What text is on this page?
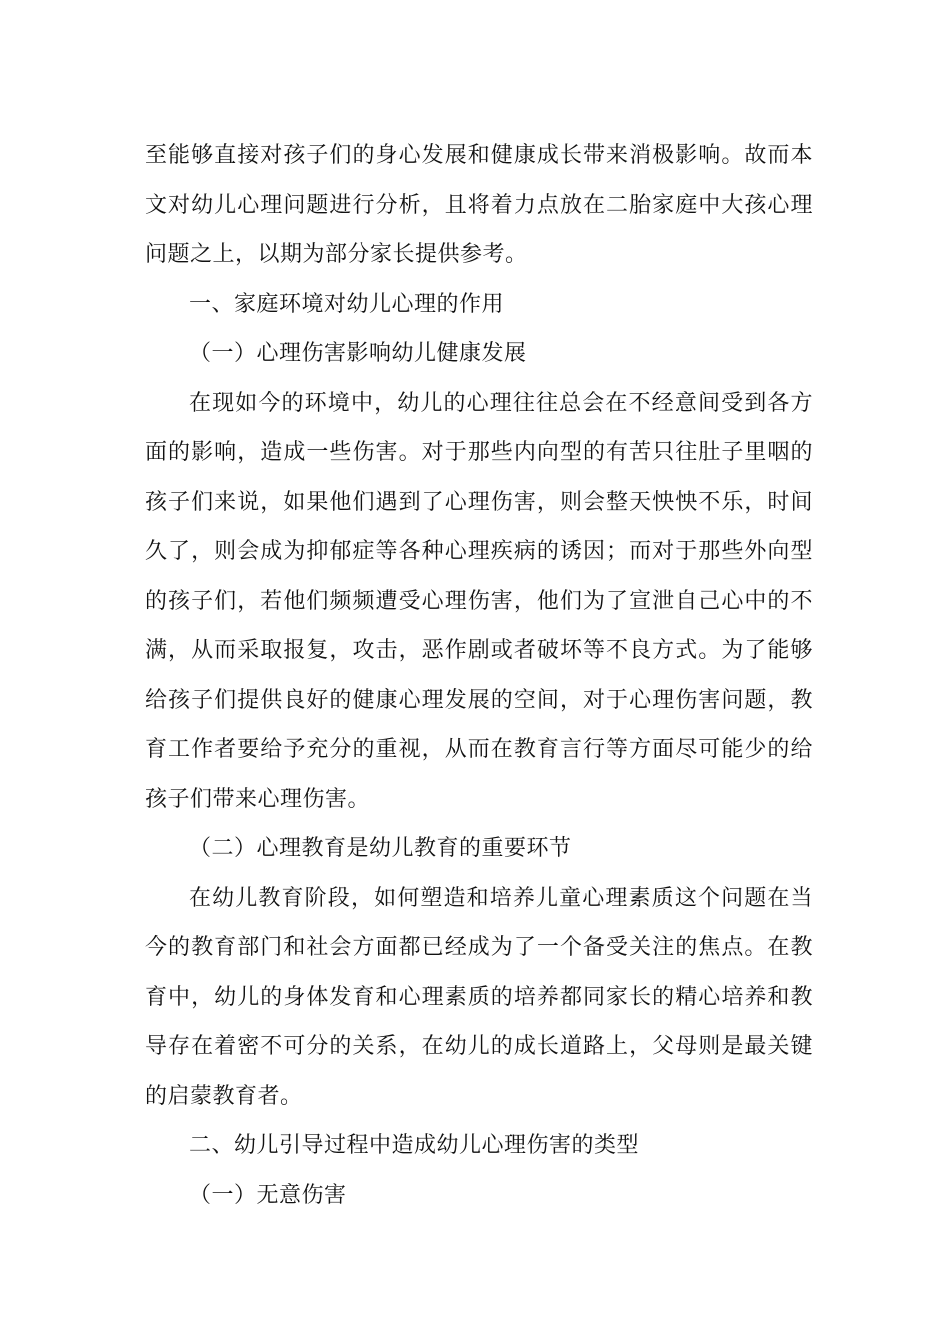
至能够直接对孩子们的身心发展和健康成长带来消极影响。故而本文对幼儿心理问题进行分析，且将着力点放在二胎家庭中大孩心理问题之上，以期为部分家长提供参考。

一、家庭环境对幼儿心理的作用

（一）心理伤害影响幼儿健康发展

在现如今的环境中，幼儿的心理往往总会在不经意间受到各方面的影响，造成一些伤害。对于那些内向型的有苦只往肚子里咽的孩子们来说，如果他们遇到了心理伤害，则会整天怏怏不乐，时间久了，则会成为抑郁症等各种心理疾病的诱因；而对于那些外向型的孩子们，若他们频频遭受心理伤害，他们为了宣泄自己心中的不满，从而采取报复，攻击，恶作剧或者破坏等不良方式。为了能够给孩子们提供良好的健康心理发展的空间，对于心理伤害问题，教育工作者要给予充分的重视，从而在教育言行等方面尽可能少的给孩子们带来心理伤害。

（二）心理教育是幼儿教育的重要环节

在幼儿教育阶段，如何塑造和培养儿童心理素质这个问题在当今的教育部门和社会方面都已经成为了一个备受关注的焦点。在教育中，幼儿的身体发育和心理素质的培养都同家长的精心培养和教导存在着密不可分的关系，在幼儿的成长道路上，父母则是最关键的启蒙教育者。

二、幼儿引导过程中造成幼儿心理伤害的类型

（一）无意伤害
